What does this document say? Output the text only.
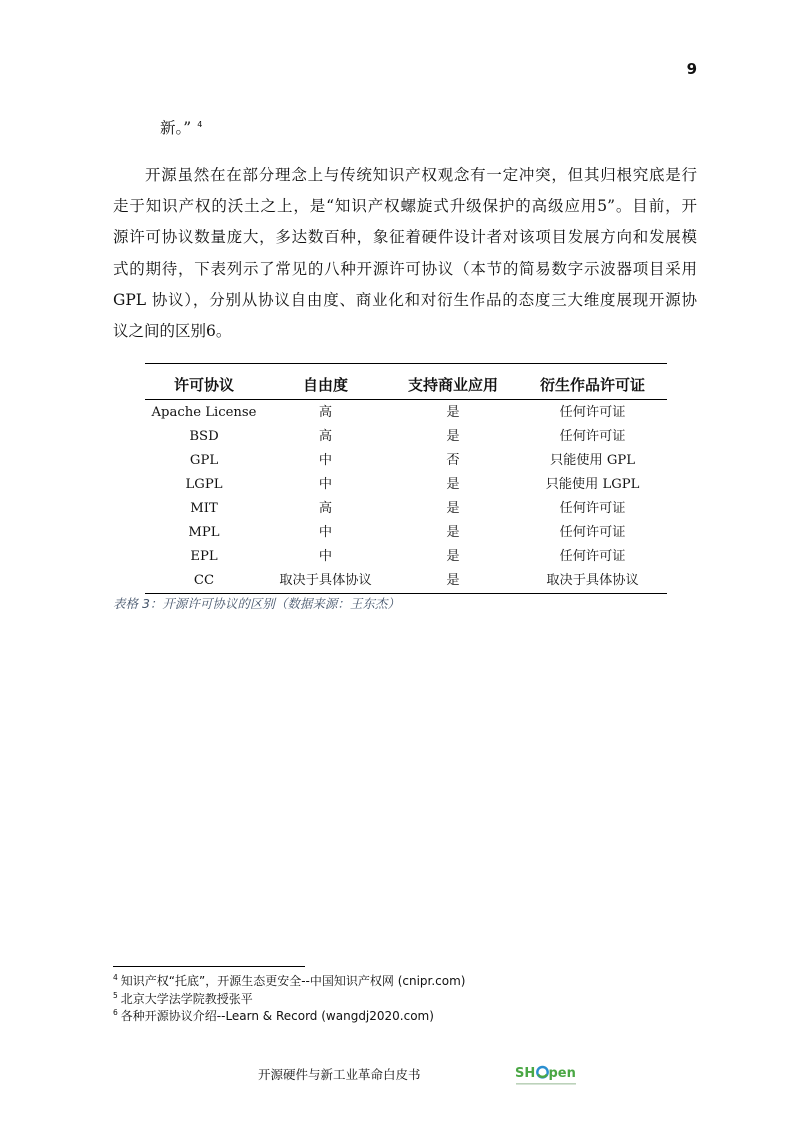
9
新。” $^4$
开源虽然在在部分理念上与传统知识产权观念有一定冲突，但其归根究底是行
走于知识产权的沃土之上，是“知识产权螺旋式升级保护的高级应用5”。目前，开
源许可协议数量庞大，多达数百种，象征着硬件设计者对该项目发展方向和发展模
式的期待，下表列示了常见的八种开源许可协议（本节的简易数字示波器项目采用
GPL 协议），分别从协议自由度、商业化和对衍生作品的态度三大维度展现开源协
议之间的区别6。
许可协议	自由度	支持商业应用	衍生作品许可证
Apache License	高	是	任何许可证
BSD	高	是	任何许可证
GPL	中	否	只能使用 GPL
LGPL	中	是	只能使用 LGPL
MIT	高	是	任何许可证
MPL	中	是	任何许可证
EPL	中	是	任何许可证
CC	取决于具体协议	是	取决于具体协议
表格 3：开源许可协议的区别（数据来源：王东杰）
$^4$ 知识产权“托底”，开源生态更安全--中国知识产权网 (cnipr.com)
$^5$ 北京大学法学院教授张平
$^6$ 各种开源协议介绍--Learn & Record (wangdj2020.com)
开源硬件与新工业革命白皮书	SH pen
